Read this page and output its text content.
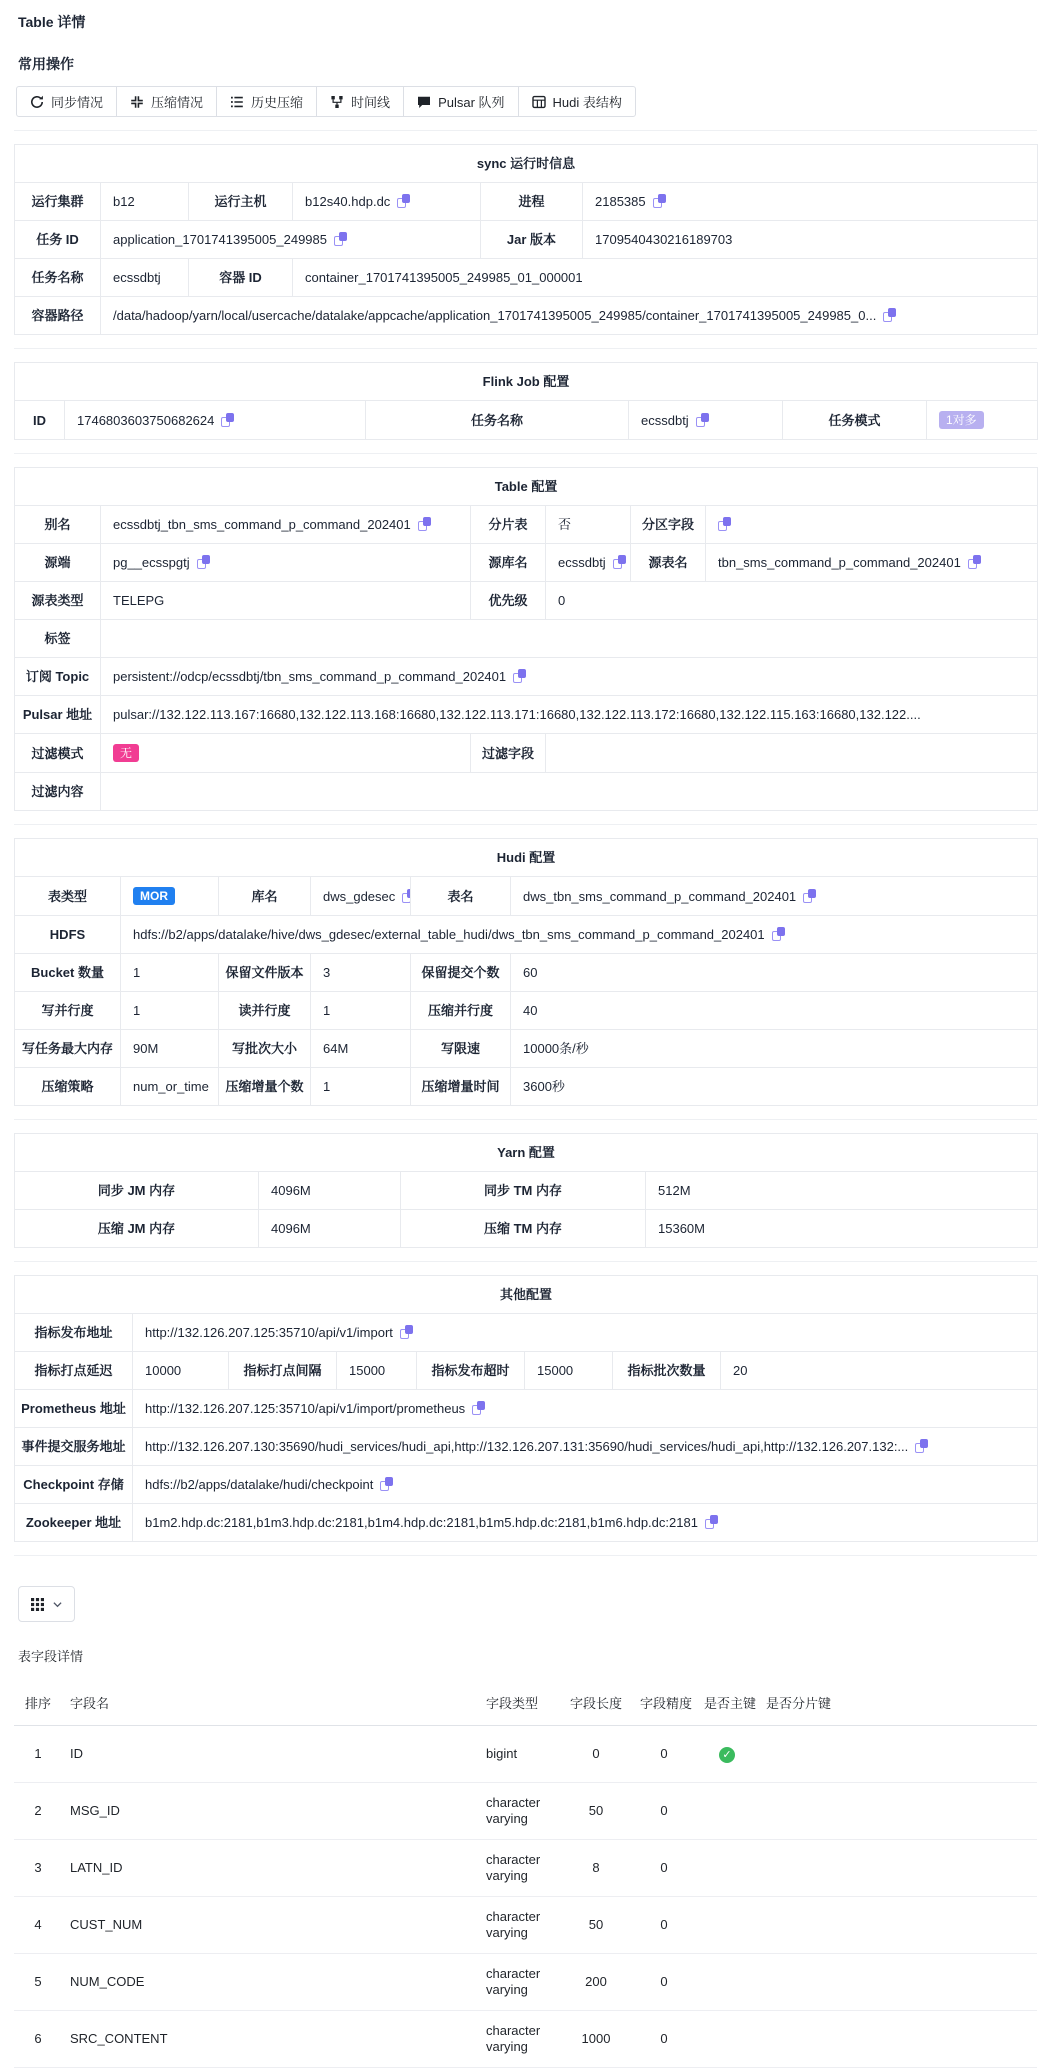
Table 详情
常用操作
同步情况	压缩情况	历史压缩	时间线	Pulsar 队列	Hudi 表结构
sync 运行时信息					
运行集群	b12	运行主机	b12s40.hdp.dc	进程	2185385
任务 ID	application_1701741395005_249985			Jar 版本	1709540430216189703
任务名称	ecssdbtj	容器 ID	container_1701741395005_249985_01_000001		
容器路径	/data/hadoop/yarn/local/usercache/datalake/appcache/application_1701741395005_249985/container_1701741395005_249985_0...				
Flink Job 配置
ID	1746803603750682624	任务名称	ecssdbtj	任务模式	1对多
Table 配置					
别名	ecssdbtj_tbn_sms_command_p_command_202401	分片表	否	分区字段	
源端	pg__ecsspgtj	源库名	ecssdbtj	源表名	tbn_sms_command_p_command_202401
源表类型	TELEPG	优先级	0		
标签					
订阅 Topic	persistent://odcp/ecssdbtj/tbn_sms_command_p_command_202401				
Pulsar 地址	pulsar://132.122.113.167:16680,132.122.113.168:16680,132.122.113.171:16680,132.122.113.172:16680,132.122.115.163:16680,132.122....				
过滤模式	无	过滤字段			
过滤内容					
Hudi 配置					
表类型	MOR	库名	dws_gdesec	表名	dws_tbn_sms_command_p_command_202401
HDFS	hdfs://b2/apps/datalake/hive/dws_gdesec/external_table_hudi/dws_tbn_sms_command_p_command_202401				
Bucket 数量	1	保留文件版本	3	保留提交个数	60
写并行度	1	读并行度	1	压缩并行度	40
写任务最大内存	90M	写批次大小	64M	写限速	10000条/秒
压缩策略	num_or_time	压缩增量个数	1	压缩增量时间	3600秒
Yarn 配置			
同步 JM 内存	4096M	同步 TM 内存	512M
压缩 JM 内存	4096M	压缩 TM 内存	15360M
其他配置							
指标发布地址	http://132.126.207.125:35710/api/v1/import						
指标打点延迟	10000	指标打点间隔	15000	指标发布超时	15000	指标批次数量	20
Prometheus 地址	http://132.126.207.125:35710/api/v1/import/prometheus						
事件提交服务地址	http://132.126.207.130:35690/hudi_services/hudi_api,http://132.126.207.131:35690/hudi_services/hudi_api,http://132.126.207.132:...						
Checkpoint 存储	hdfs://b2/apps/datalake/hudi/checkpoint						
Zookeeper 地址	b1m2.hdp.dc:2181,b1m3.hdp.dc:2181,b1m4.hdp.dc:2181,b1m5.hdp.dc:2181,b1m6.hdp.dc:2181						
表字段详情
排序	字段名	字段类型	字段长度	字段精度	是否主键	是否分片键	
1	ID	bigint	0	0	✓		
2	MSG_ID	character varying	50	0			
3	LATN_ID	character varying	8	0			
4	CUST_NUM	character varying	50	0			
5	NUM_CODE	character varying	200	0			
6	SRC_CONTENT	character varying	1000	0			
